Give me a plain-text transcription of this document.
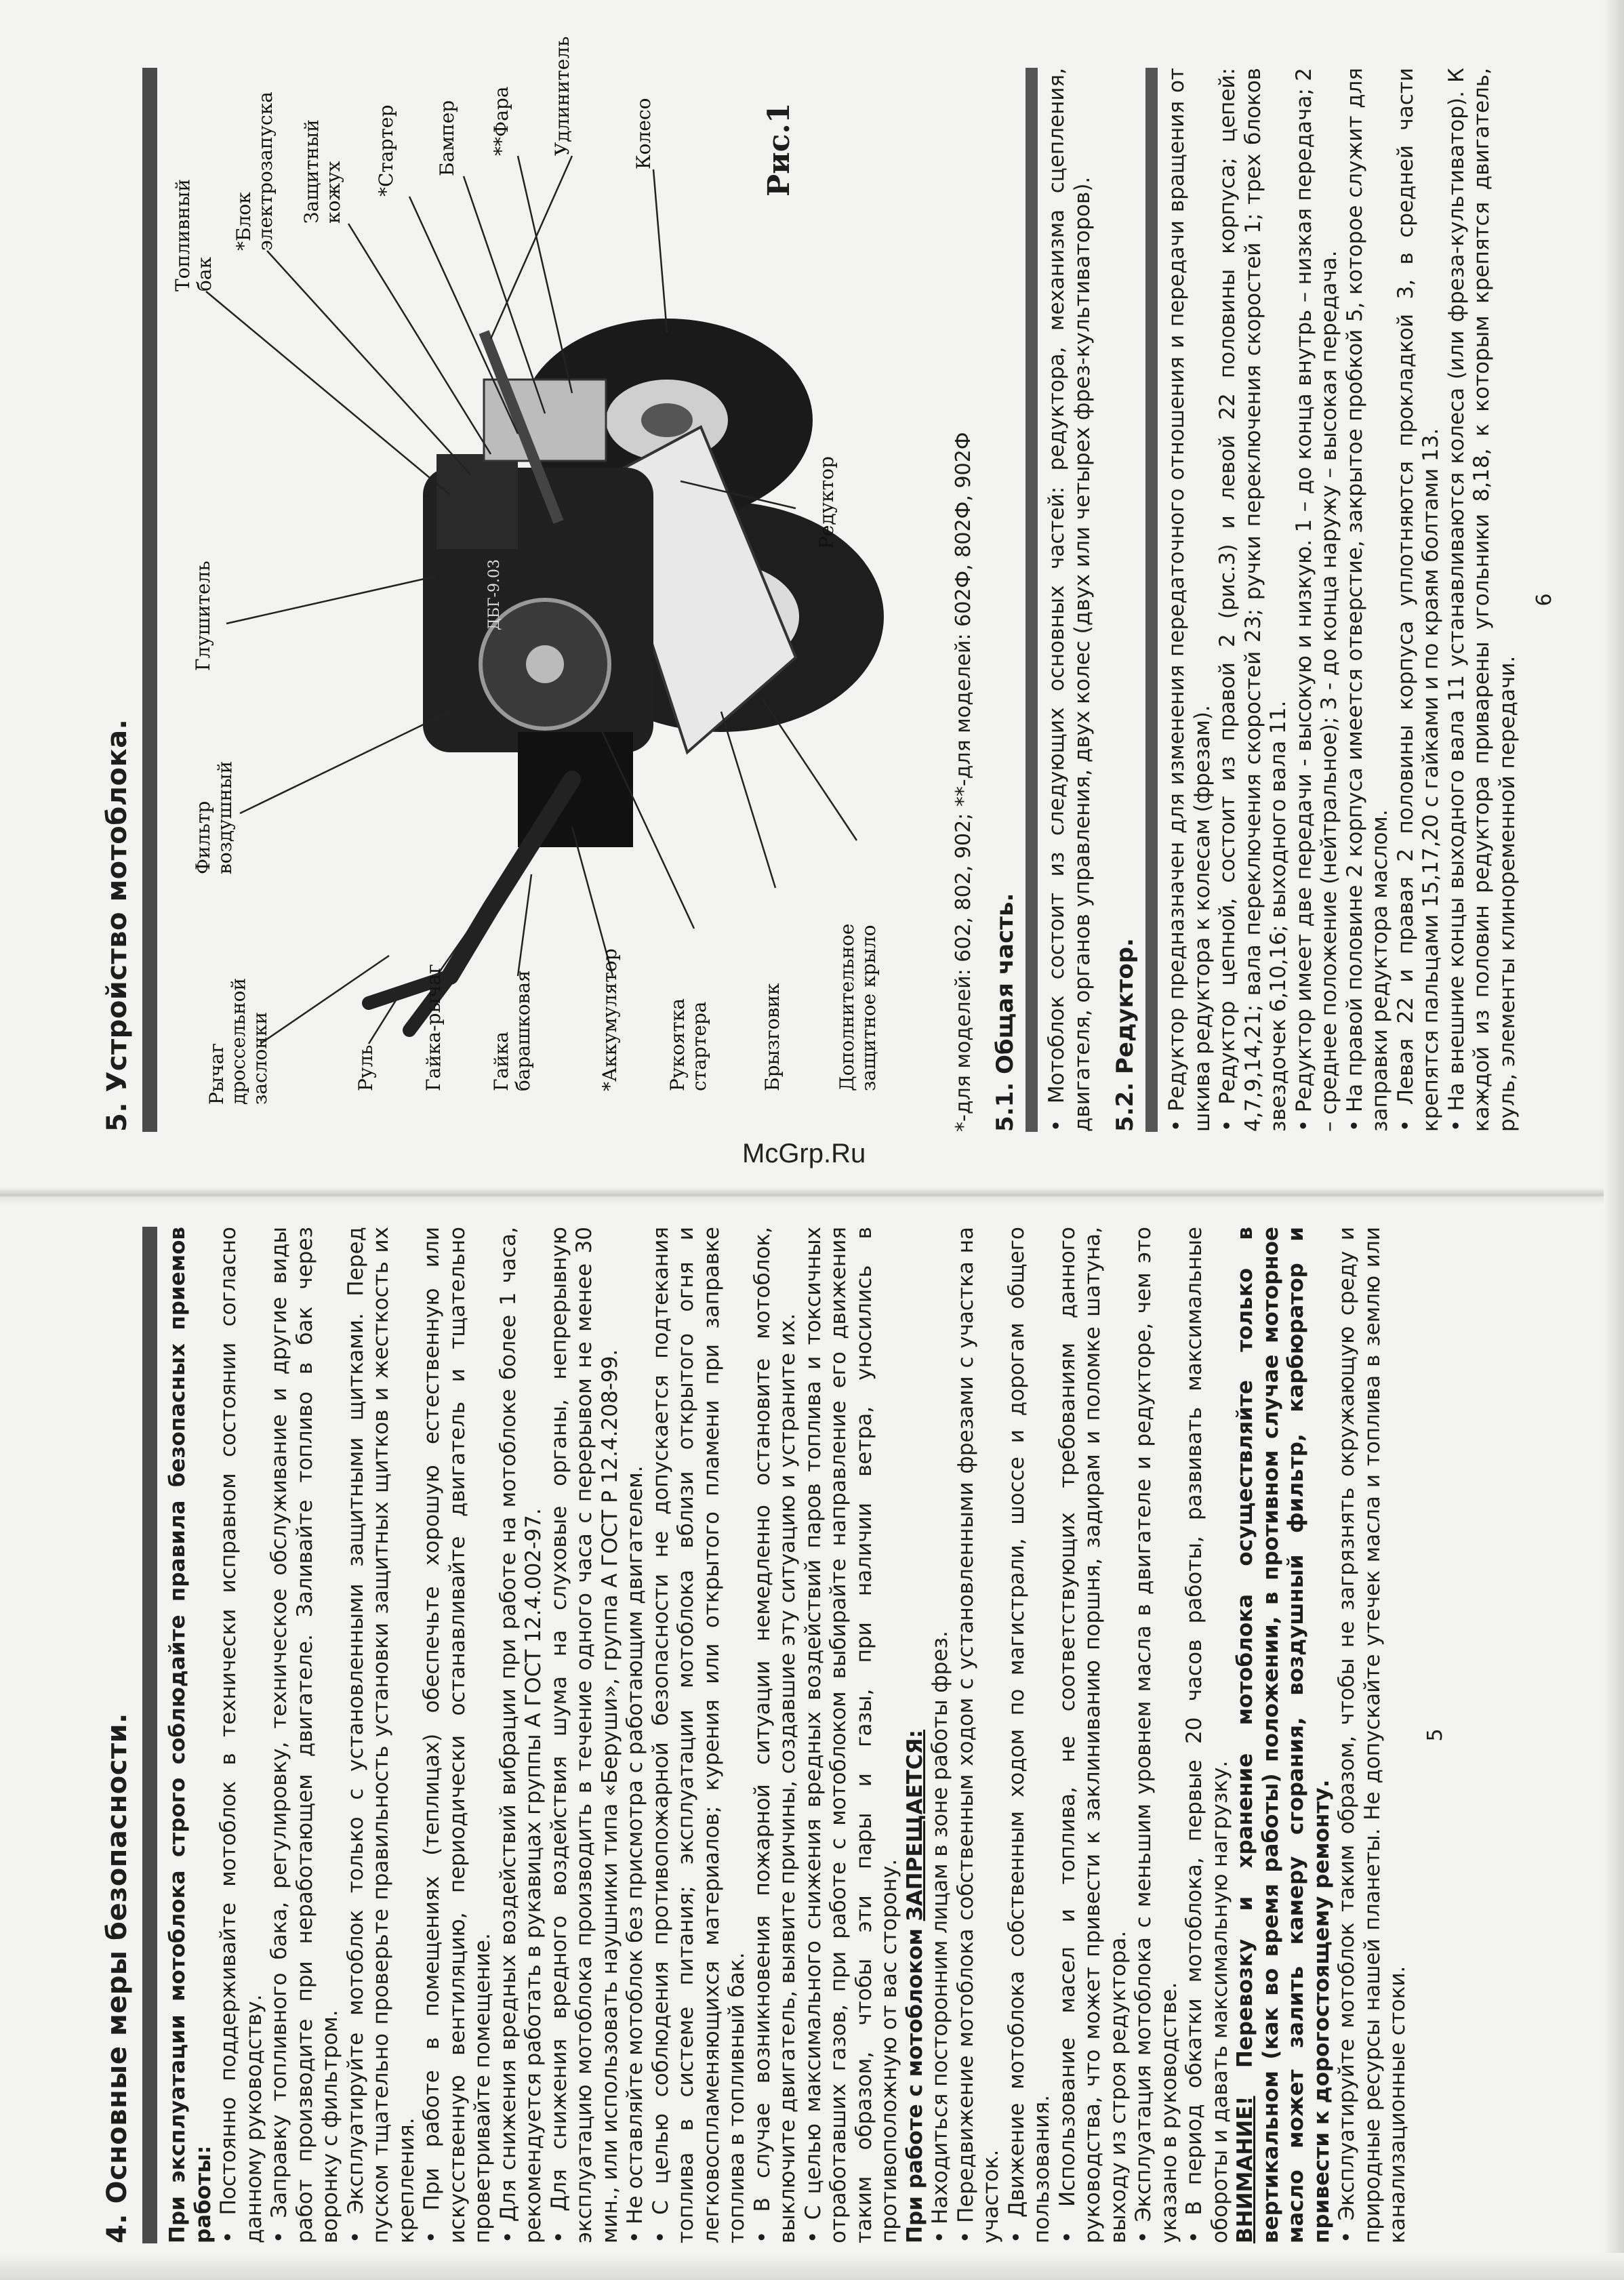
4. Основные меры безопасности. При эксплуатации мотоблока строго соблюдайте правила безопасных приемов работы: • Постоянно поддерживайте мотоблок в технически исправном состоянии согласно данному руководству. • Заправку топливного бака, регулировку, техническое обслуживание и другие виды работ производите при неработающем двигателе. Заливайте топливо в бак через воронку с фильтром. • Эксплуатируйте мотоблок только с установленными защитными щитками. Перед пуском тщательно проверьте правильность установки защитных щитков и жесткость их крепления. • При работе в помещениях (теплицах) обеспечьте хорошую естественную или искусственную вентиляцию, периодически останавливайте двигатель и тщательно проветривайте помещение. • Для снижения вредных воздействий вибрации при работе на мотоблоке более 1 часа, рекомендуется работать в рукавицах группы А ГОСТ 12.4.002-97. • Для снижения вредного воздействия шума на слуховые органы, непрерывную эксплуатацию мотоблока производить в течение одного часа с перерывом не менее 30 мин., или использовать наушники типа «Беруши», группа А ГОСТ Р 12.4.208-99. • Не оставляйте мотоблок без присмотра с работающим двигателем. • С целью соблюдения противопожарной безопасности не допускается подтекания топлива в системе питания; эксплуатации мотоблока вблизи открытого огня и легковоспламеняющихся материалов; курения или открытого пламени при заправке топлива в топливный бак. • В случае возникновения пожарной ситуации немедленно остановите мотоблок, выключите двигатель, выявите причины, создавшие эту ситуацию и устраните их. • С целью максимального снижения вредных воздействий паров топлива и токсичных отработавших газов, при работе с мотоблоком выбирайте направление его движения таким образом, чтобы эти пары и газы, при наличии ветра, уносились в противоположную от вас сторону. При работе с мотоблоком ЗАПРЕЩАЕТСЯ: • Находиться посторонним лицам в зоне работы фрез. • Передвижение мотоблока собственным ходом с установленными фрезами с участка на участок. • Движение мотоблока собственным ходом по магистрали, шоссе и дорогам общего пользования. • Использование масел и топлива, не соответствующих требованиям данного руководства, что может привести к заклиниванию поршня, задирам и поломке шатуна, выходу из строя редуктора. • Эксплуатация мотоблока с меньшим уровнем масла в двигателе и редукторе, чем это указано в руководстве. • В период обкатки мотоблока, первые 20 часов работы, развивать максимальные обороты и давать максимальную нагрузку. ВНИМАНИЕ! Перевозку и хранение мотоблока осуществляйте только в вертикальном (как во время работы) положении, в противном случае моторное масло может залить камеру сгорания, воздушный фильтр, карбюратор и привести к дорогостоящему ремонту. • Эксплуатируйте мотоблок таким образом, чтобы не загрязнять окружающую среду и природные ресурсы нашей планеты. Не допускайте утечек масла и топлива в землю или канализационные стоки.

5
5. Устройство мотоблока.	Рычаг дроссельной заслонки	Руль Гайка-рычаг Гайка барашковая	*Аккумулятор Рукоятка стартера	Брызговик	Дополнительное защитное крыло
Фильтр воздушный
Глушитель
Редуктор
Топливный бак
*Блок электрозапуска Защитный кожух *Стартер Бампер **Фара Удлинитель	Колесо
ДБГ-9.03
Рис.1
*-для моделей: 602, 802, 902; **-для моделей: 602Ф, 802Ф, 902Ф 5.1. Общая часть. • Мотоблок состоит из следующих основных частей: редуктора, механизма сцепления, двигателя, органов управления, двух колес (двух или четырех фрез-культиваторов). 5.2. Редуктор. • Редуктор предназначен для изменения передаточного отношения и передачи вращения от шкива редуктора к колесам (фрезам). • Редуктор цепной, состоит из правой 2 (рис.3) и левой 22 половины корпуса; цепей: 4,7,9,14,21; вала переключения скоростей 23; ручки переключения скоростей 1; трех блоков звездочек 6,10,16; выходного вала 11. • Редуктор имеет две передачи - высокую и низкую. 1 – до конца внутрь – низкая передача; 2 – среднее положение (нейтральное); 3 - до конца наружу – высокая передача. • На правой половине 2 корпуса имеется отверстие, закрытое пробкой 5, которое служит для заправки редуктора маслом. • Левая 22 и правая 2 половины корпуса уплотняются прокладкой 3, в средней части крепятся пальцами 15,17,20 с гайками и по краям болтами 13. • На внешние концы выходного вала 11 устанавливаются колеса (или фреза-культиватор). К каждой из половин редуктора приварены угольники 8,18, к которым крепятся двигатель, руль, элементы клиноременной передачи.

6
McGrp.Ru
